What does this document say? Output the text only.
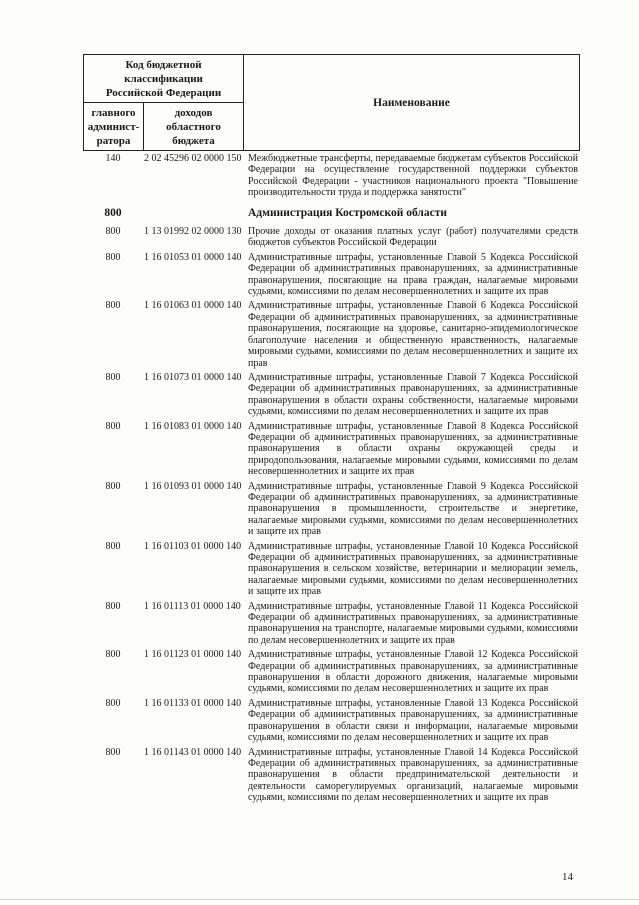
Код бюджетной классификации Российской Федерации		Наименование
главного админист-ратора	доходов областного бюджета	
140	2 02 45296 02 0000 150 Межбюджетные трансферты, передаваемые бюджетам субъектов Российской Федерации на осуществление государственной поддержки субъектов Российской Федерации - участников национального проекта "Повышение производительности труда и поддержка занятости"
800	Администрация Костромской области
800	1 13 01992 02 0000 130 Прочие доходы от оказания платных услуг (работ) получателями средств бюджетов субъектов Российской Федерации
800	1 16 01053 01 0000 140 Административные штрафы, установленные Главой 5 Кодекса Российской Федерации об административных правонарушениях, за административные правонарушения, посягающие на права граждан, налагаемые мировыми судьями, комиссиями по делам несовершеннолетних и защите их прав
800	1 16 01063 01 0000 140 Административные штрафы, установленные Главой 6 Кодекса Российской Федерации об административных правонарушениях, за административные правонарушения, посягающие на здоровье, санитарно-эпидемиологическое благополучие населения и общественную нравственность, налагаемые мировыми судьями, комиссиями по делам несовершеннолетних и защите их прав
800	1 16 01073 01 0000 140 Административные штрафы, установленные Главой 7 Кодекса Российской Федерации об административных правонарушениях, за административные правонарушения в области охраны собственности, налагаемые мировыми судьями, комиссиями по делам несовершеннолетних и защите их прав
800	1 16 01083 01 0000 140 Административные штрафы, установленные Главой 8 Кодекса Российской Федерации об административных правонарушениях, за административные правонарушения в области охраны окружающей среды и природопользования, налагаемые мировыми судьями, комиссиями по делам несовершеннолетних и защите их прав
800	1 16 01093 01 0000 140 Административные штрафы, установленные Главой 9 Кодекса Российской Федерации об административных правонарушениях, за административные правонарушения в промышленности, строительстве и энергетике, налагаемые мировыми судьями, комиссиями по делам несовершеннолетних и защите их прав
800	1 16 01103 01 0000 140 Административные штрафы, установленные Главой 10 Кодекса Российской Федерации об административных правонарушениях, за административные правонарушения в сельском хозяйстве, ветеринарии и мелиорации земель, налагаемые мировыми судьями, комиссиями по делам несовершеннолетних и защите их прав
800	1 16 01113 01 0000 140 Административные штрафы, установленные Главой 11 Кодекса Российской Федерации об административных правонарушениях, за административные правонарушения на транспорте, налагаемые мировыми судьями, комиссиями по делам несовершеннолетних и защите их прав
800	1 16 01123 01 0000 140 Административные штрафы, установленные Главой 12 Кодекса Российской Федерации об административных правонарушениях, за административные правонарушения в области дорожного движения, налагаемые мировыми судьями, комиссиями по делам несовершеннолетних и защите их прав
800	1 16 01133 01 0000 140 Административные штрафы, установленные Главой 13 Кодекса Российской Федерации об административных правонарушениях, за административные правонарушения в области связи и информации, налагаемые мировыми судьями, комиссиями по делам несовершеннолетних и защите их прав
800	1 16 01143 01 0000 140 Административные штрафы, установленные Главой 14 Кодекса Российской Федерации об административных правонарушениях, за административные правонарушения в области предпринимательской деятельности и деятельности саморегулируемых организаций, налагаемые мировыми судьями, комиссиями по делам несовершеннолетних и защите их прав
14
